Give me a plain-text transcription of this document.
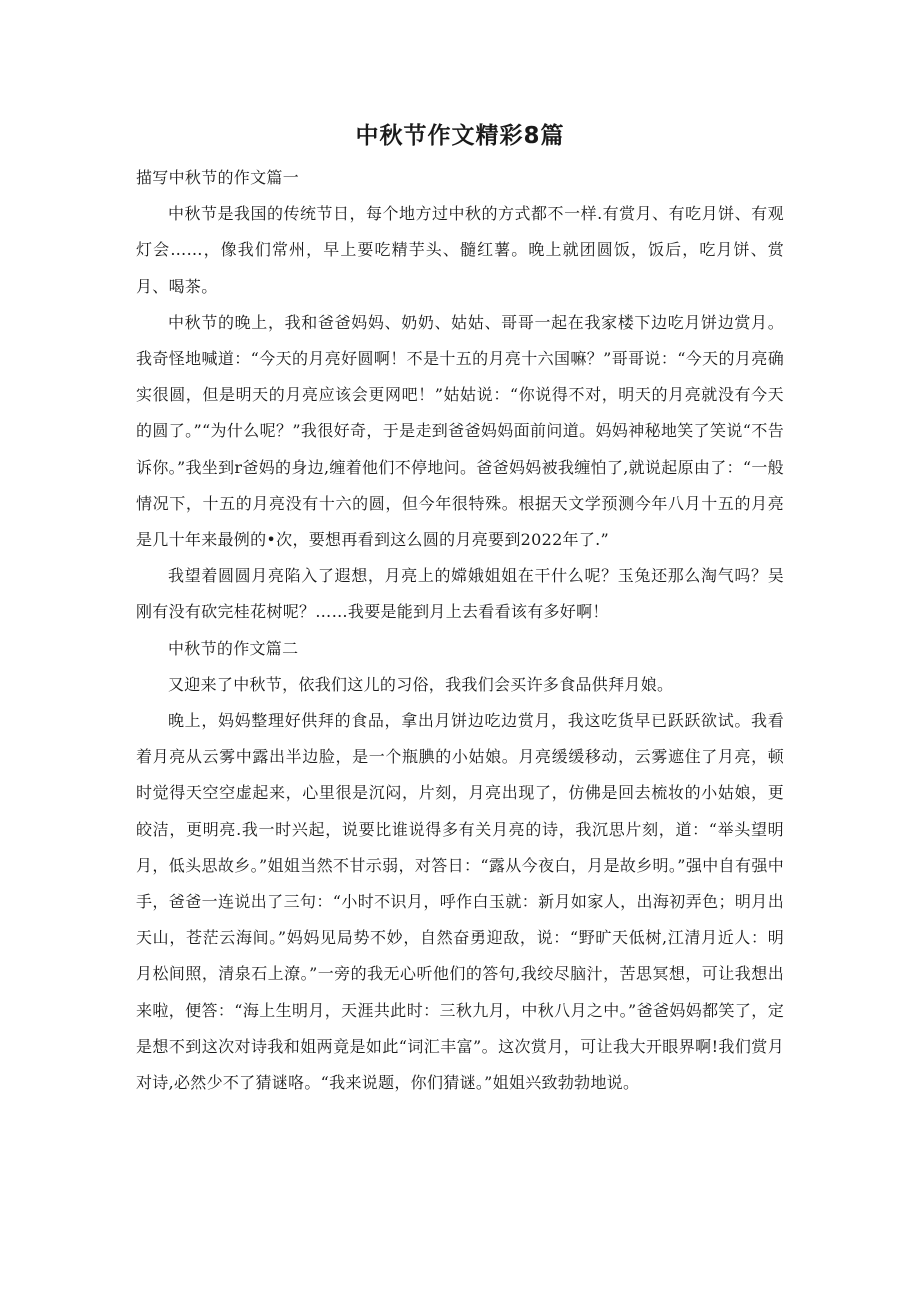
中秋节作文精彩8篇

描写中秋节的作文篇一

中秋节是我国的传统节日，每个地方过中秋的方式都不一样.有赏月、有吃月饼、有观灯会……，像我们常州，早上要吃精芋头、髓红薯。晚上就团圆饭，饭后，吃月饼、赏月、喝茶。

中秋节的晚上，我和爸爸妈妈、奶奶、姑姑、哥哥一起在我家楼下边吃月饼边赏月。我奇怪地喊道：“今天的月亮好圆啊！不是十五的月亮十六国嘛？”哥哥说：“今天的月亮确实很圆，但是明天的月亮应该会更网吧！”姑姑说：“你说得不对，明天的月亮就没有今天的圆了。”“为什么呢？”我很好奇，于是走到爸爸妈妈面前问道。妈妈神秘地笑了笑说“不告诉你。”我坐到r爸妈的身边,缠着他们不停地问。爸爸妈妈被我缠怕了,就说起原由了：“一般情况下，十五的月亮没有十六的圆，但今年很特殊。根据天文学预测今年八月十五的月亮是几十年来最例的•次，要想再看到这么圆的月亮要到2022年了.”

我望着圆圆月亮陷入了遐想，月亮上的嫦娥姐姐在干什么呢？玉兔还那么淘气吗？吴刚有没有砍完桂花树呢？……我要是能到月上去看看该有多好啊！

中秋节的作文篇二

又迎来了中秋节，依我们这儿的习俗，我我们会买许多食品供拜月娘。

晚上，妈妈整理好供拜的食品，拿出月饼边吃边赏月，我这吃货早已跃跃欲试。我看着月亮从云雾中露出半边脸，是一个瓶腆的小姑娘。月亮缓缓移动，云雾遮住了月亮，顿时觉得天空空虚起来，心里很是沉闷，片刻，月亮出现了，仿佛是回去梳妆的小姑娘，更皎洁，更明亮.我一时兴起，说要比谁说得多有关月亮的诗，我沉思片刻，道：“举头望明月，低头思故乡。”姐姐当然不甘示弱，对答日：“露从今夜白，月是故乡明。”强中自有强中手，爸爸一连说出了三句：“小时不识月，呼作白玉就：新月如家人，出海初弄色；明月出天山，苍茫云海间。”妈妈见局势不妙，自然奋勇迎敌，说：“野旷天低树,江清月近人：明月松间照，清泉石上潦。”一旁的我无心听他们的答句,我绞尽脑汁，苦思冥想，可让我想出来啦，便答：“海上生明月，天涯共此时：三秋九月，中秋八月之中。”爸爸妈妈都笑了，定是想不到这次对诗我和姐两竟是如此“词汇丰富”。这次赏月，可让我大开眼界啊!我们赏月对诗,必然少不了猜谜咯。“我来说题，你们猜谜。”姐姐兴致勃勃地说。
